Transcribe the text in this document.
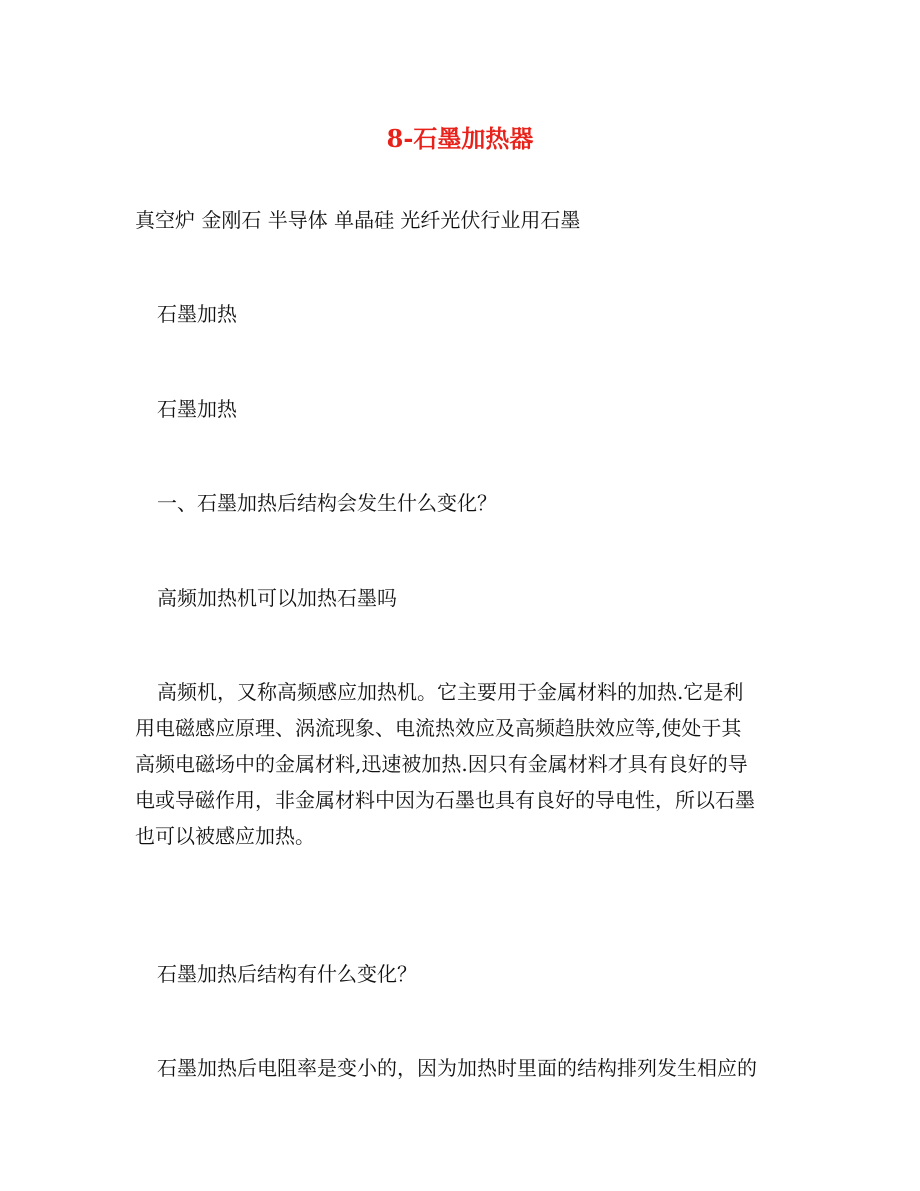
8-石墨加热器
真空炉 金刚石 半导体 单晶硅 光纤光伏行业用石墨
石墨加热
石墨加热
一、石墨加热后结构会发生什么变化？
高频加热机可以加热石墨吗
高频机，又称高频感应加热机。它主要用于金属材料的加热.它是利
用电磁感应原理、涡流现象、电流热效应及高频趋肤效应等,使处于其
高频电磁场中的金属材料,迅速被加热.因只有金属材料才具有良好的导
电或导磁作用，非金属材料中因为石墨也具有良好的导电性，所以石墨
也可以被感应加热。
石墨加热后结构有什么变化？
石墨加热后电阻率是变小的，因为加热时里面的结构排列发生相应的
